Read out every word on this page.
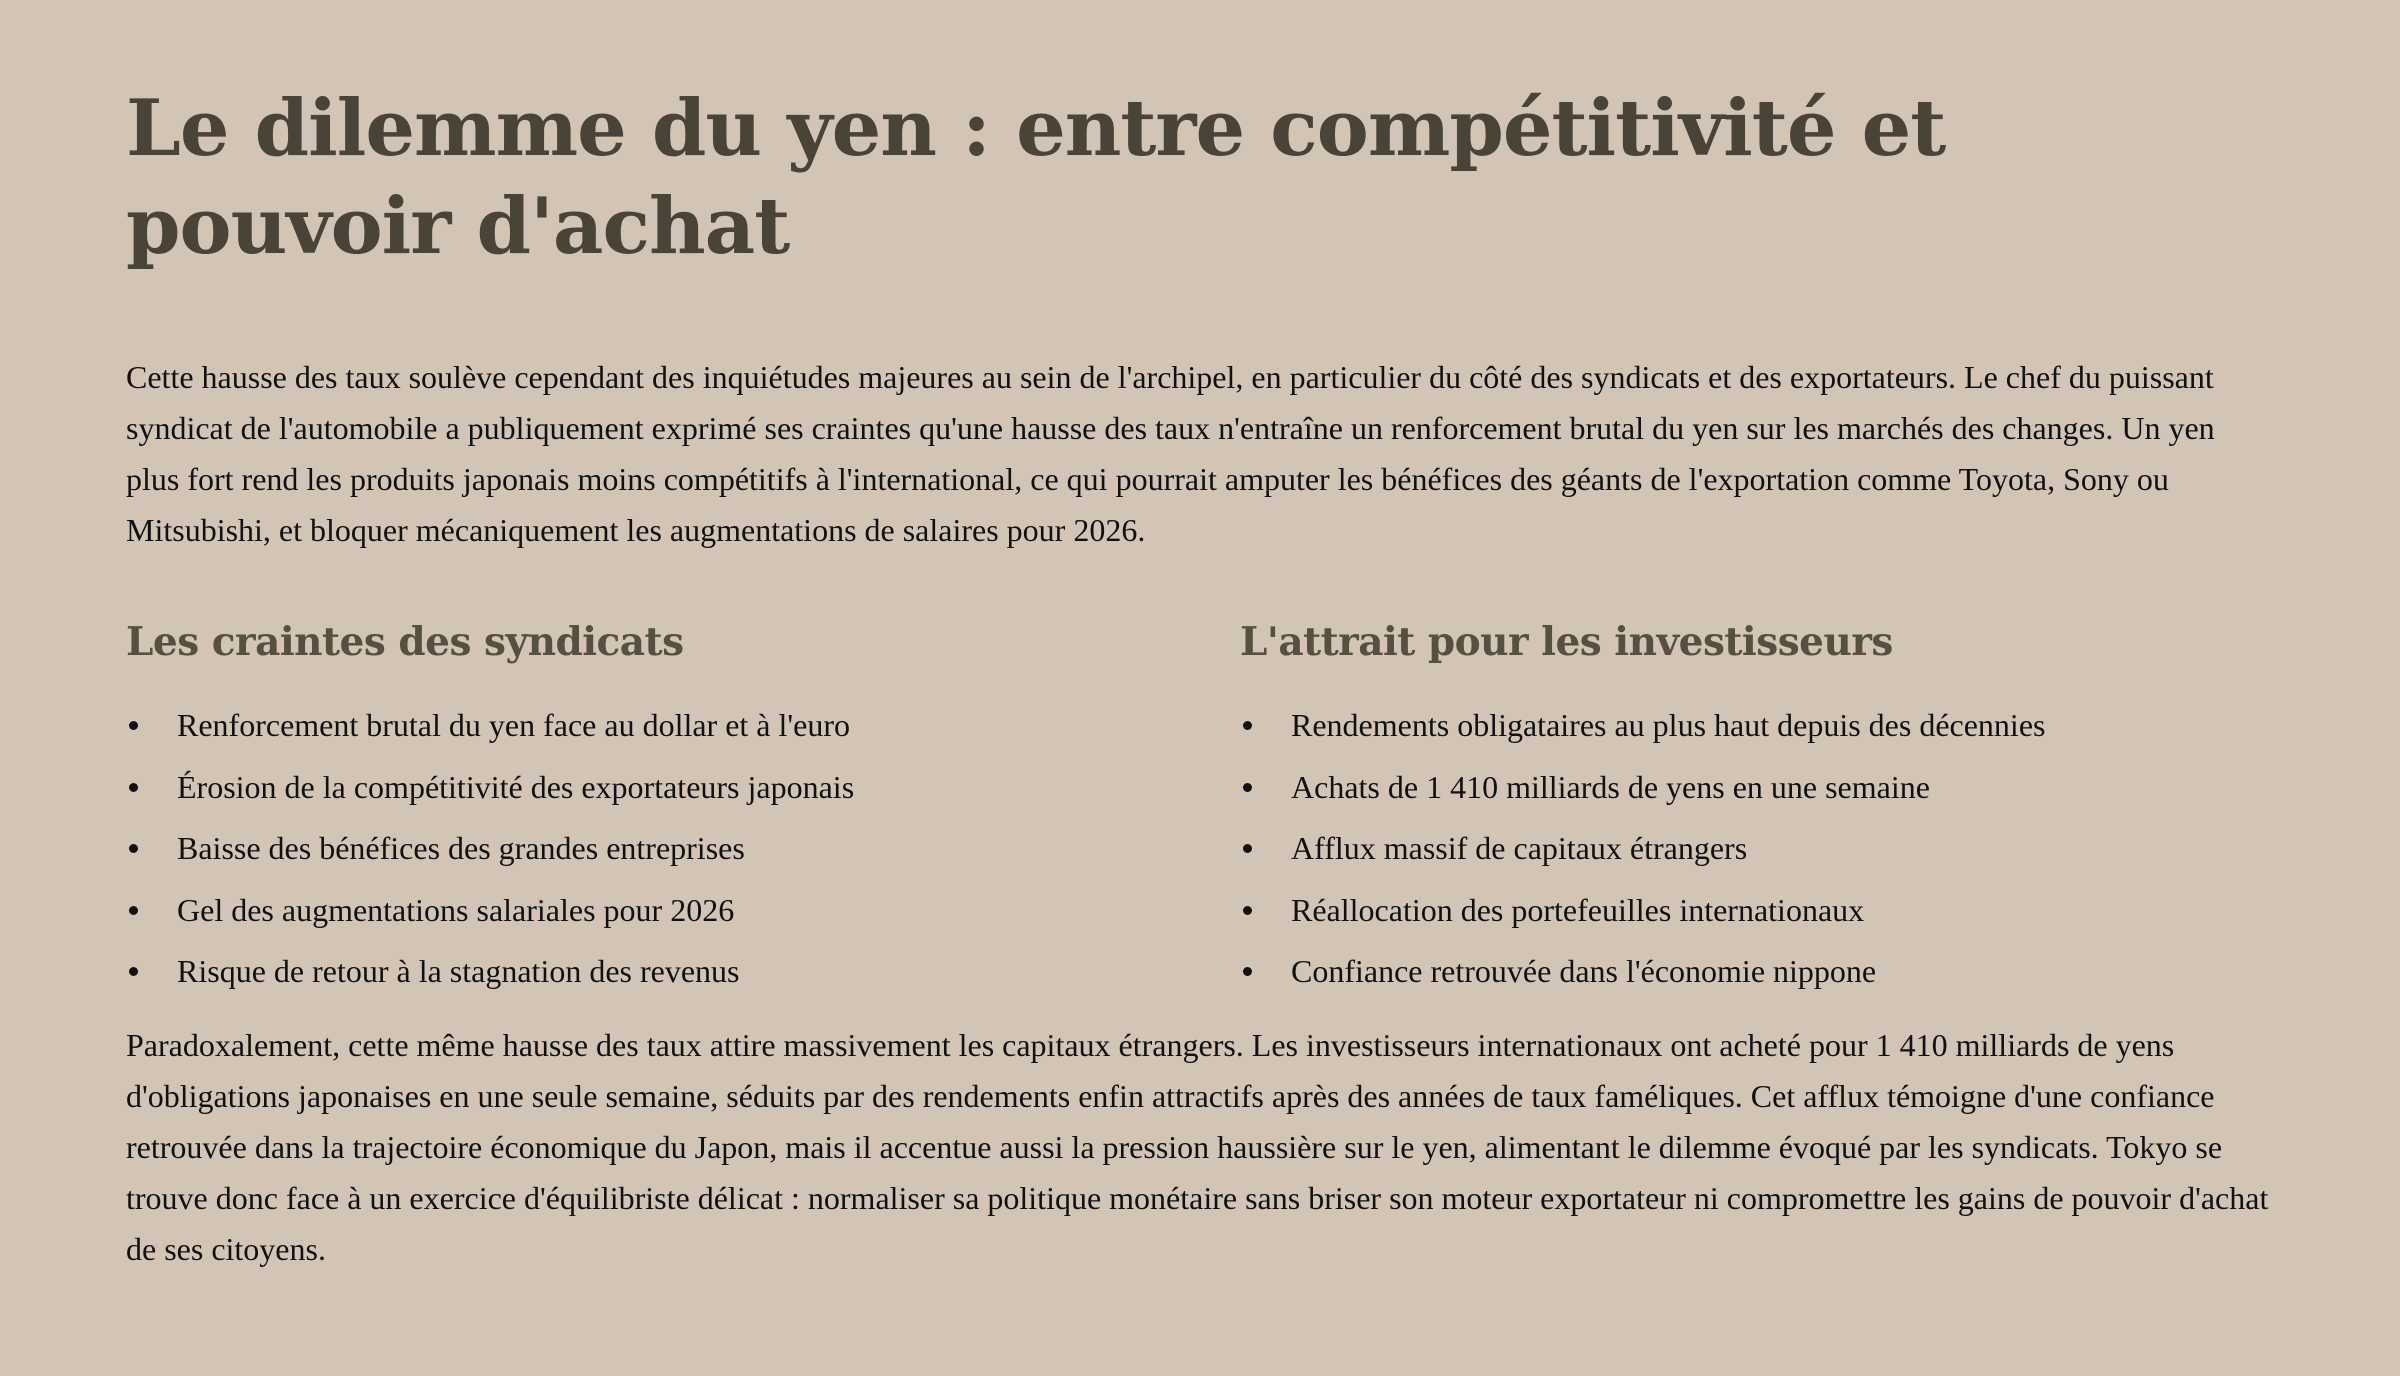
Le dilemme du yen : entre compétitivité et pouvoir d'achat

Cette hausse des taux soulève cependant des inquiétudes majeures au sein de l'archipel, en particulier du côté des syndicats et des exportateurs. Le chef du puissant syndicat de l'automobile a publiquement exprimé ses craintes qu'une hausse des taux n'entraîne un renforcement brutal du yen sur les marchés des changes. Un yen plus fort rend les produits japonais moins compétitifs à l'international, ce qui pourrait amputer les bénéfices des géants de l'exportation comme Toyota, Sony ou Mitsubishi, et bloquer mécaniquement les augmentations de salaires pour 2026.

Les craintes des syndicats
Renforcement brutal du yen face au dollar et à l'euro
Érosion de la compétitivité des exportateurs japonais
Baisse des bénéfices des grandes entreprises
Gel des augmentations salariales pour 2026
Risque de retour à la stagnation des revenus
L'attrait pour les investisseurs
Rendements obligataires au plus haut depuis des décennies
Achats de 1 410 milliards de yens en une semaine
Afflux massif de capitaux étrangers
Réallocation des portefeuilles internationaux
Confiance retrouvée dans l'économie nippone

Paradoxalement, cette même hausse des taux attire massivement les capitaux étrangers. Les investisseurs internationaux ont acheté pour 1 410 milliards de yens d'obligations japonaises en une seule semaine, séduits par des rendements enfin attractifs après des années de taux faméliques. Cet afflux témoigne d'une confiance retrouvée dans la trajectoire économique du Japon, mais il accentue aussi la pression haussière sur le yen, alimentant le dilemme évoqué par les syndicats. Tokyo se trouve donc face à un exercice d'équilibriste délicat : normaliser sa politique monétaire sans briser son moteur exportateur ni compromettre les gains de pouvoir d'achat de ses citoyens.
